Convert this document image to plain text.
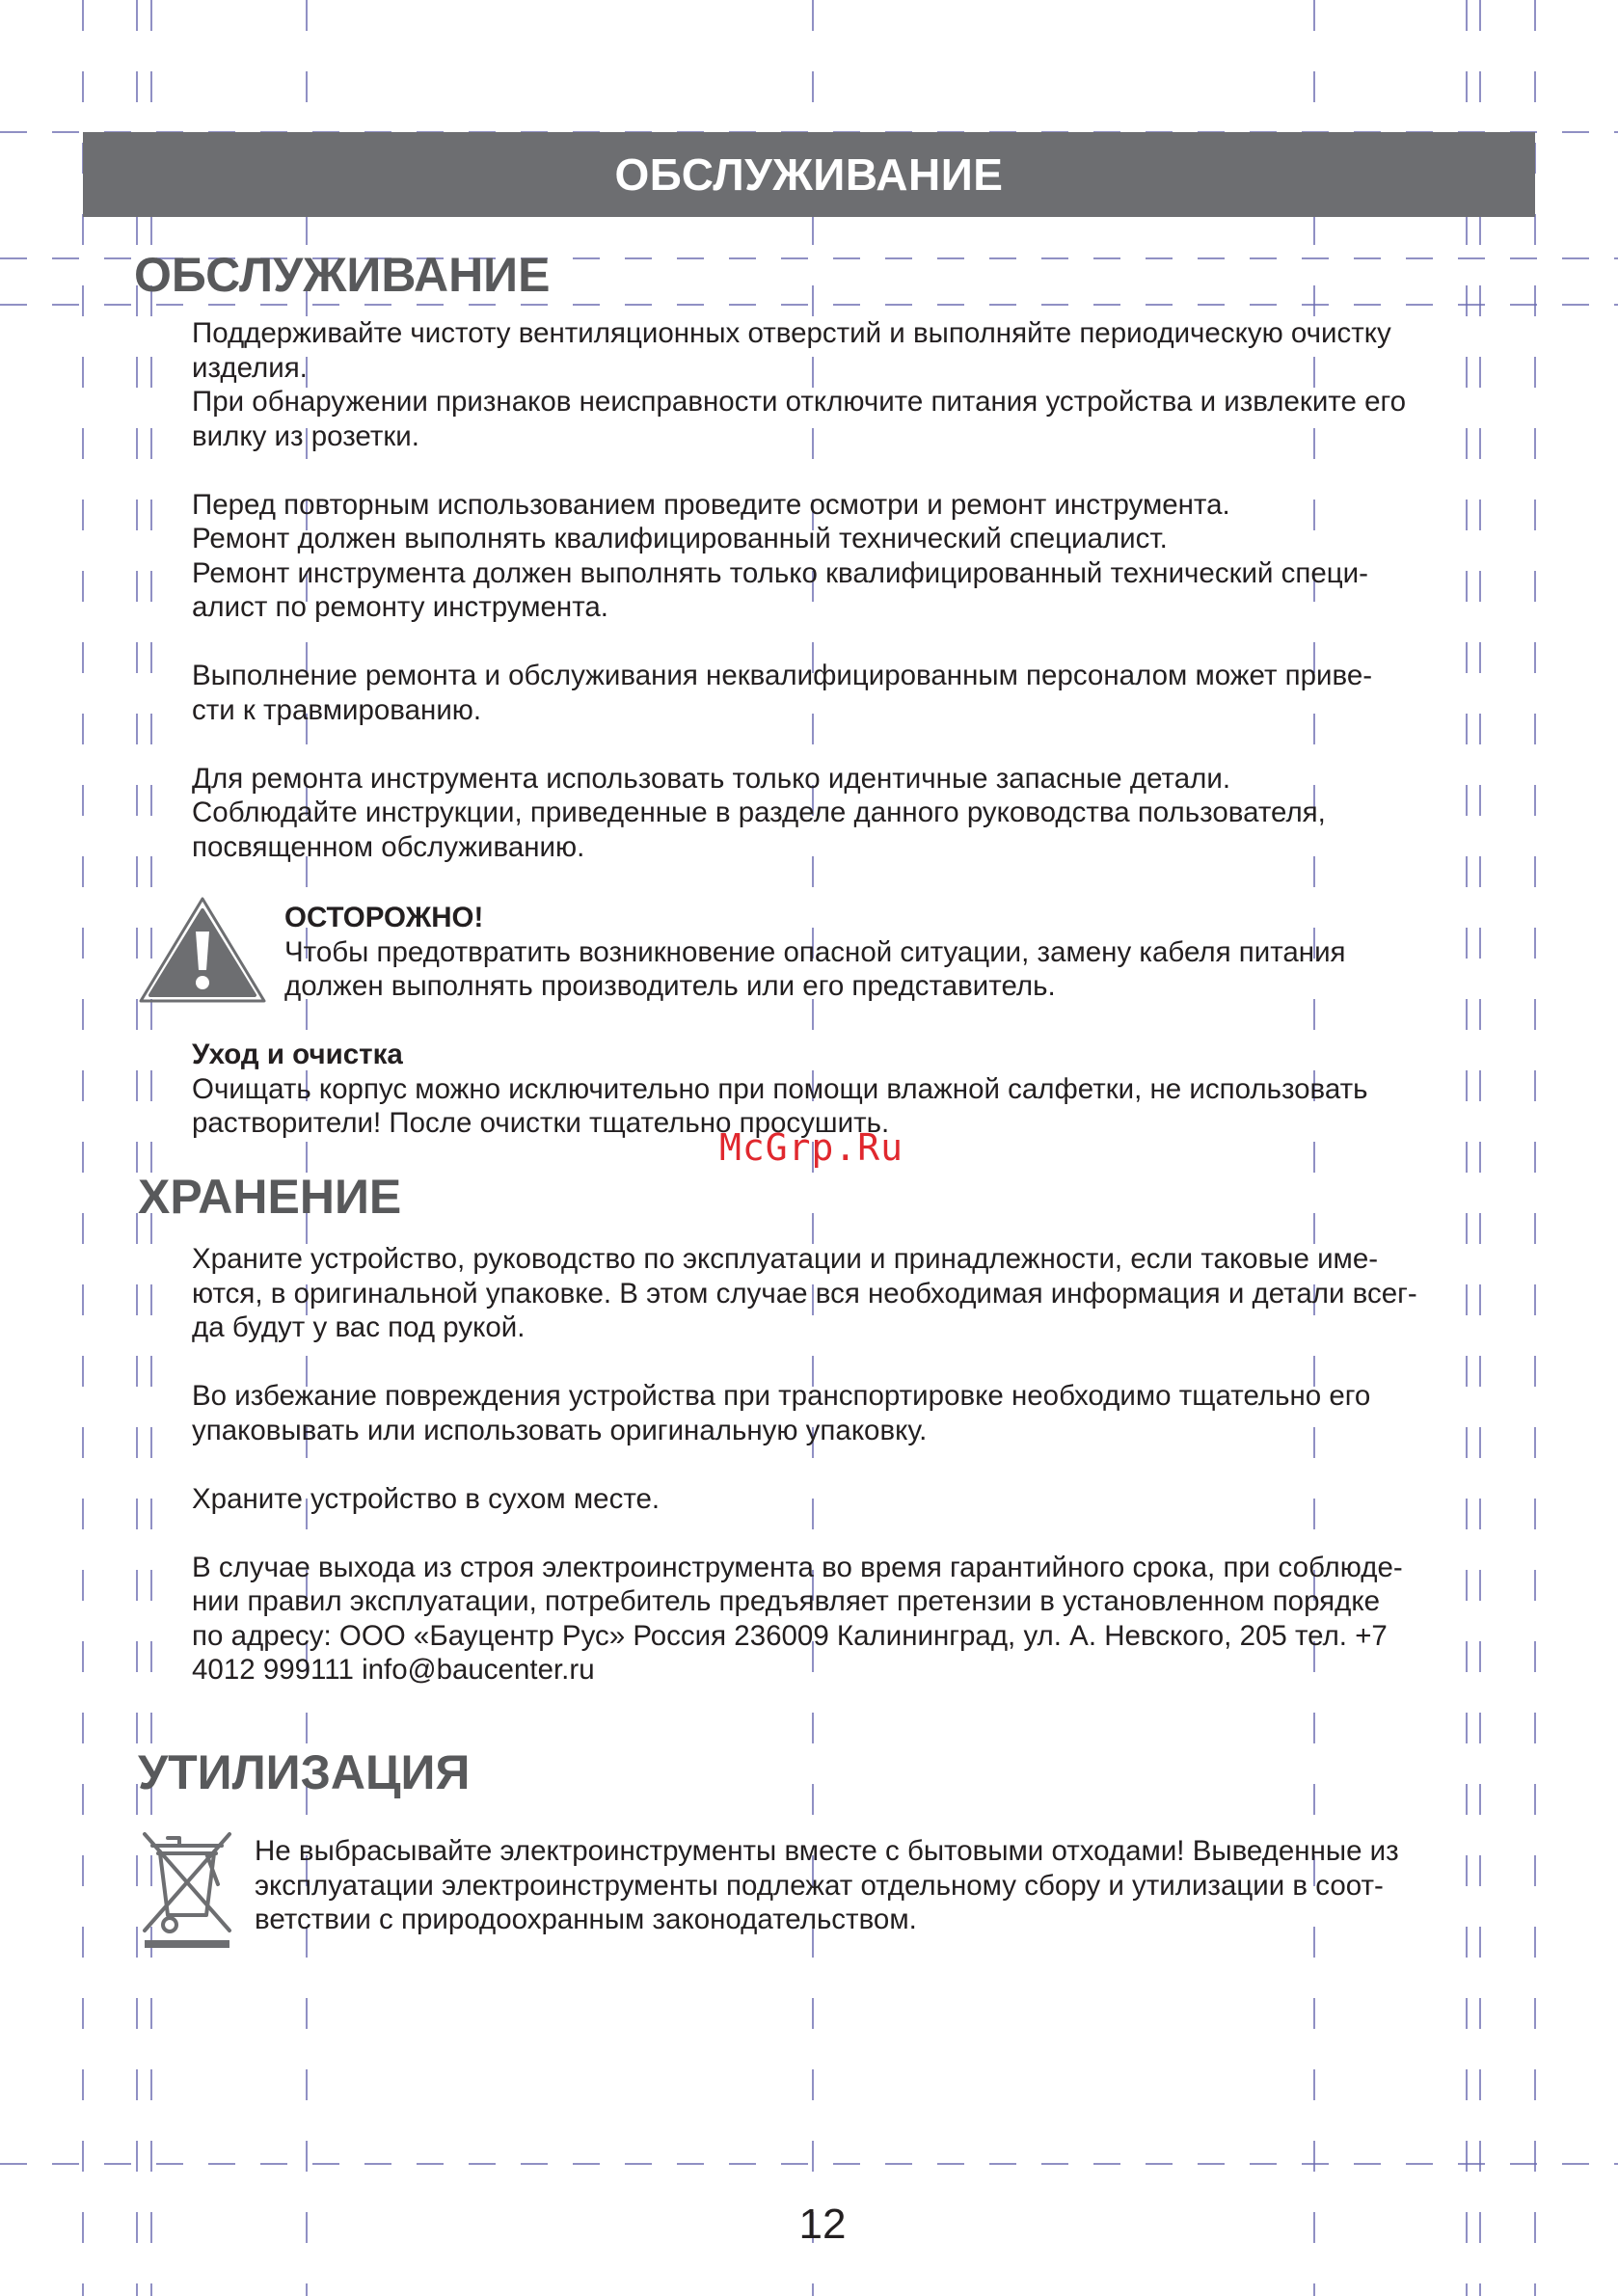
ОБСЛУЖИВАНИЕ
ОБСЛУЖИВАНИЕ

Поддерживайте чистоту вентиляционных отверстий и выполняйте периодическую очистку

изделия.

При обнаружении признаков неисправности отключите питания устройства и извлеките его

вилку из розетки.

Перед повторным использованием проведите осмотри и ремонт инструмента.

Ремонт должен выполнять квалифицированный технический специалист.

Ремонт инструмента должен выполнять только квалифицированный технический специ-

алист по ремонту инструмента.

Выполнение ремонта и обслуживания неквалифицированным персоналом может приве-

сти к травмированию.

Для ремонта инструмента использовать только идентичные запасные детали.

Соблюдайте инструкции, приведенные в разделе данного руководства пользователя,

посвященном обслуживанию.

ОСТОРОЖНО!

Чтобы предотвратить возникновение опасной ситуации, замену кабеля питания

должен выполнять производитель или его представитель.

Уход и очистка

Очищать корпус можно исключительно при помощи влажной салфетки, не использовать

растворители! После очистки тщательно просушить.

McGrp.Ru
ХРАНЕНИЕ

Храните устройство, руководство по эксплуатации и принадлежности, если таковые име-

ются, в оригинальной упаковке. В этом случае вся необходимая информация и детали всег-

да будут у вас под рукой.

Во избежание повреждения устройства при транспортировке необходимо тщательно его

упаковывать или использовать оригинальную упаковку.

Храните устройство в сухом месте.

В случае выхода из строя электроинструмента во время гарантийного срока, при соблюде-

нии правил эксплуатации, потребитель предъявляет претензии в установленном порядке

по адресу: ООО «Бауцентр Рус» Россия 236009 Калининград, ул. А. Невского, 205 тел. +7

4012 999111 info@baucenter.ru

УТИЛИЗАЦИЯ

Не выбрасывайте электроинструменты вместе с бытовыми отходами! Выведенные из

эксплуатации электроинструменты подлежат отдельному сбору и утилизации в соот-

ветствии с природоохранным законодательством.

12
